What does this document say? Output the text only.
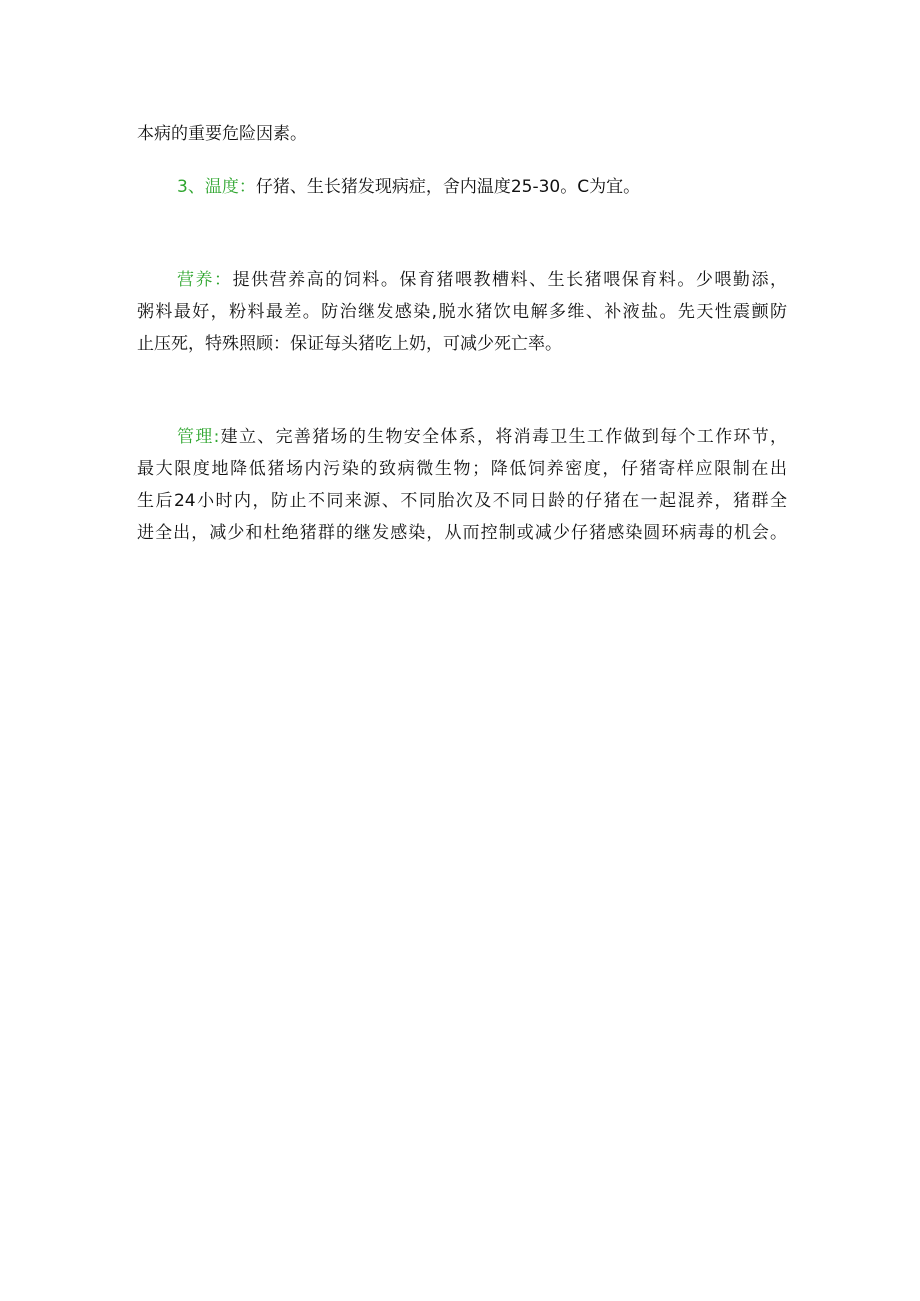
本病的重要危险因素。
3、温度：仔猪、生长猪发现病症，舍内温度25-30。C为宜。
营养：提供营养高的饲料。保育猪喂教槽料、生长猪喂保育料。少喂勤添，
粥料最好，粉料最差。防治继发感染,脱水猪饮电解多维、补液盐。先天性震颤防
止压死，特殊照顾：保证每头猪吃上奶，可减少死亡率。
管理:建立、完善猪场的生物安全体系，将消毒卫生工作做到每个工作环节，
最大限度地降低猪场内污染的致病微生物；降低饲养密度，仔猪寄样应限制在出
生后24小时内，防止不同来源、不同胎次及不同日龄的仔猪在一起混养，猪群全
进全出，减少和杜绝猪群的继发感染，从而控制或减少仔猪感染圆环病毒的机会。
